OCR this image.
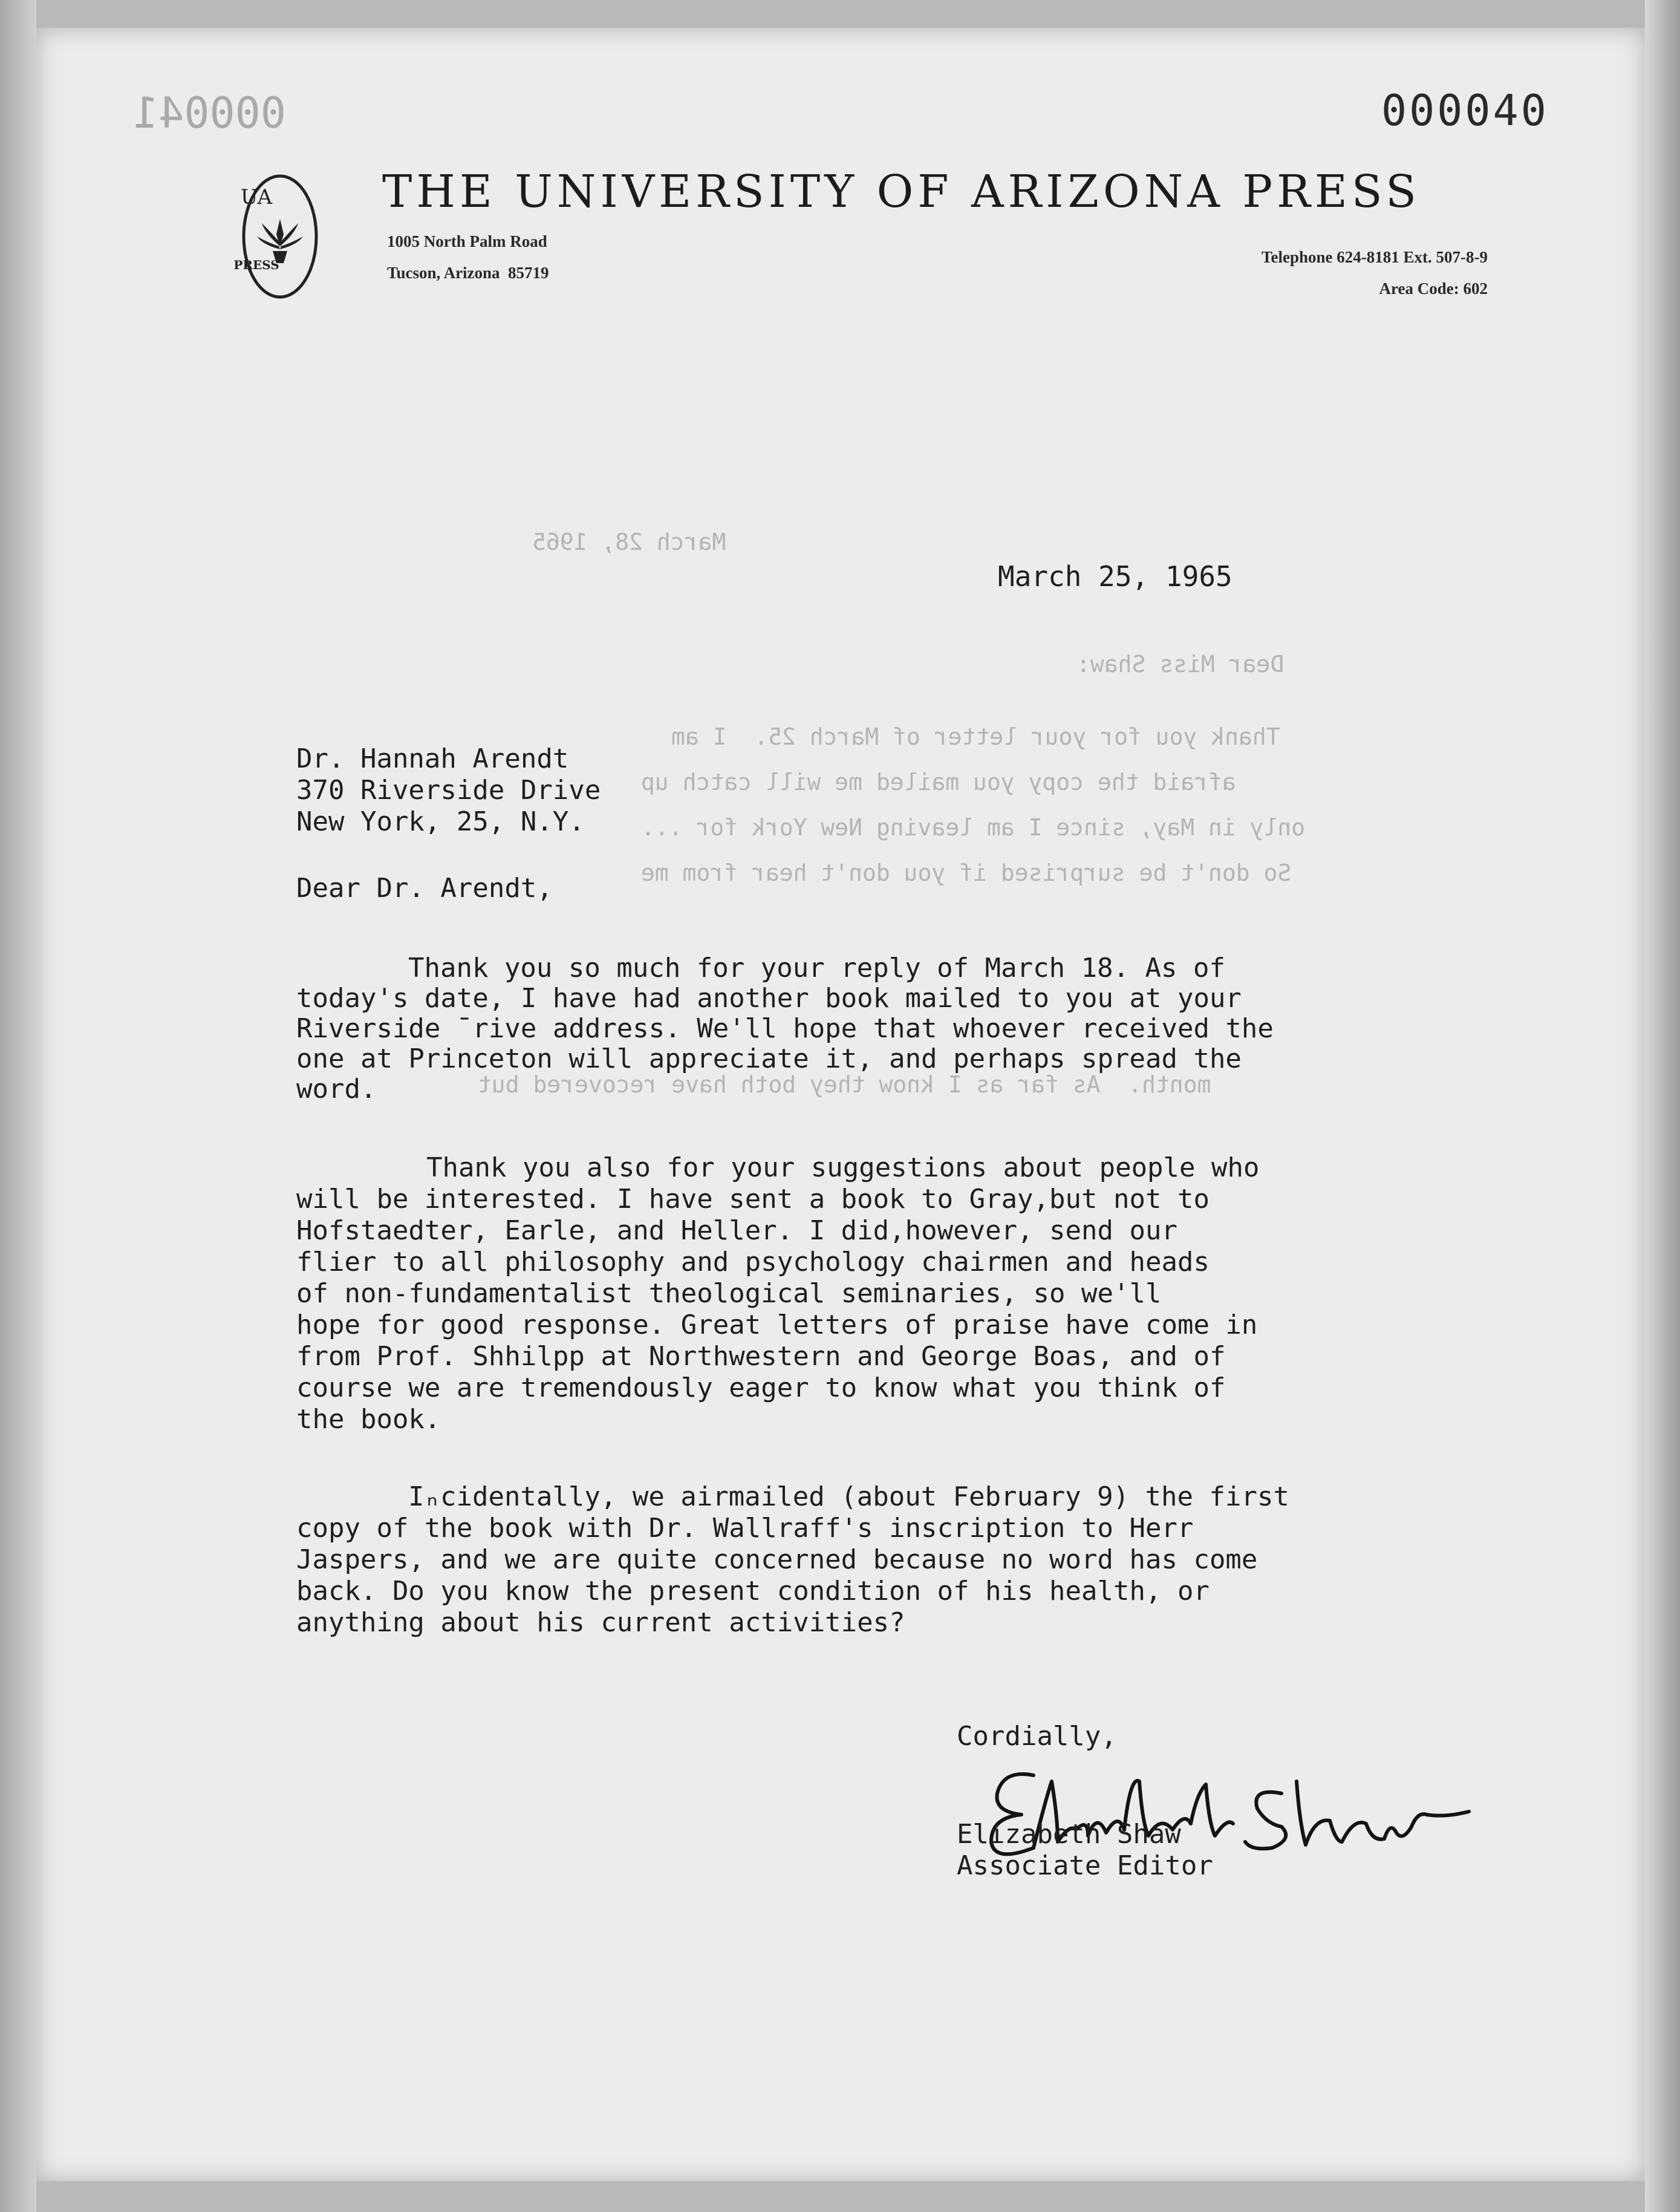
000041
March 28, 1965
Dear Miss Shaw:
Thank you for your letter of March 25.  I am
afraid the copy you mailed me will catch up
only in May, since I am leaving New York for ...
So don't be surprised if you don't hear from me
month.  As far as I know they both have recovered but
000040

UA

PRESS

THE UNIVERSITY OF ARIZONA PRESS
1005 North Palm Road
Tucson, Arizona  85719
Telephone 624-8181 Ext. 507-8-9
Area Code: 602
March 25, 1965
Dr. Hannah Arendt
370 Riverside Drive
New York, 25, N.Y.
Dear Dr. Arendt,
Thank you so much for your reply of March 18. As of
today's date, I have had another book mailed to you at your
Riverside ¯rive address. We'll hope that whoever received the
one at Princeton will appreciate it, and perhaps spread the
word.
Thank you also for your suggestions about people who
will be interested. I have sent a book to Gray,but not to
Hofstaedter, Earle, and Heller. I did,however, send our
flier to all philosophy and psychology chairmen and heads
of non-fundamentalist theological seminaries, so we'll
hope for good response. Great letters of praise have come in
from Prof. Shhilpp at Northwestern and George Boas, and of
course we are tremendously eager to know what you think of
the book.
Iₙcidentally, we airmailed (about February 9) the first
copy of the book with Dr. Wallraff's inscription to Herr
Jaspers, and we are quite concerned because no word has come
back. Do you know the present condition of his health, or
anything about his current activities?
Cordially,

Elizabeth Shaw
Associate Editor
